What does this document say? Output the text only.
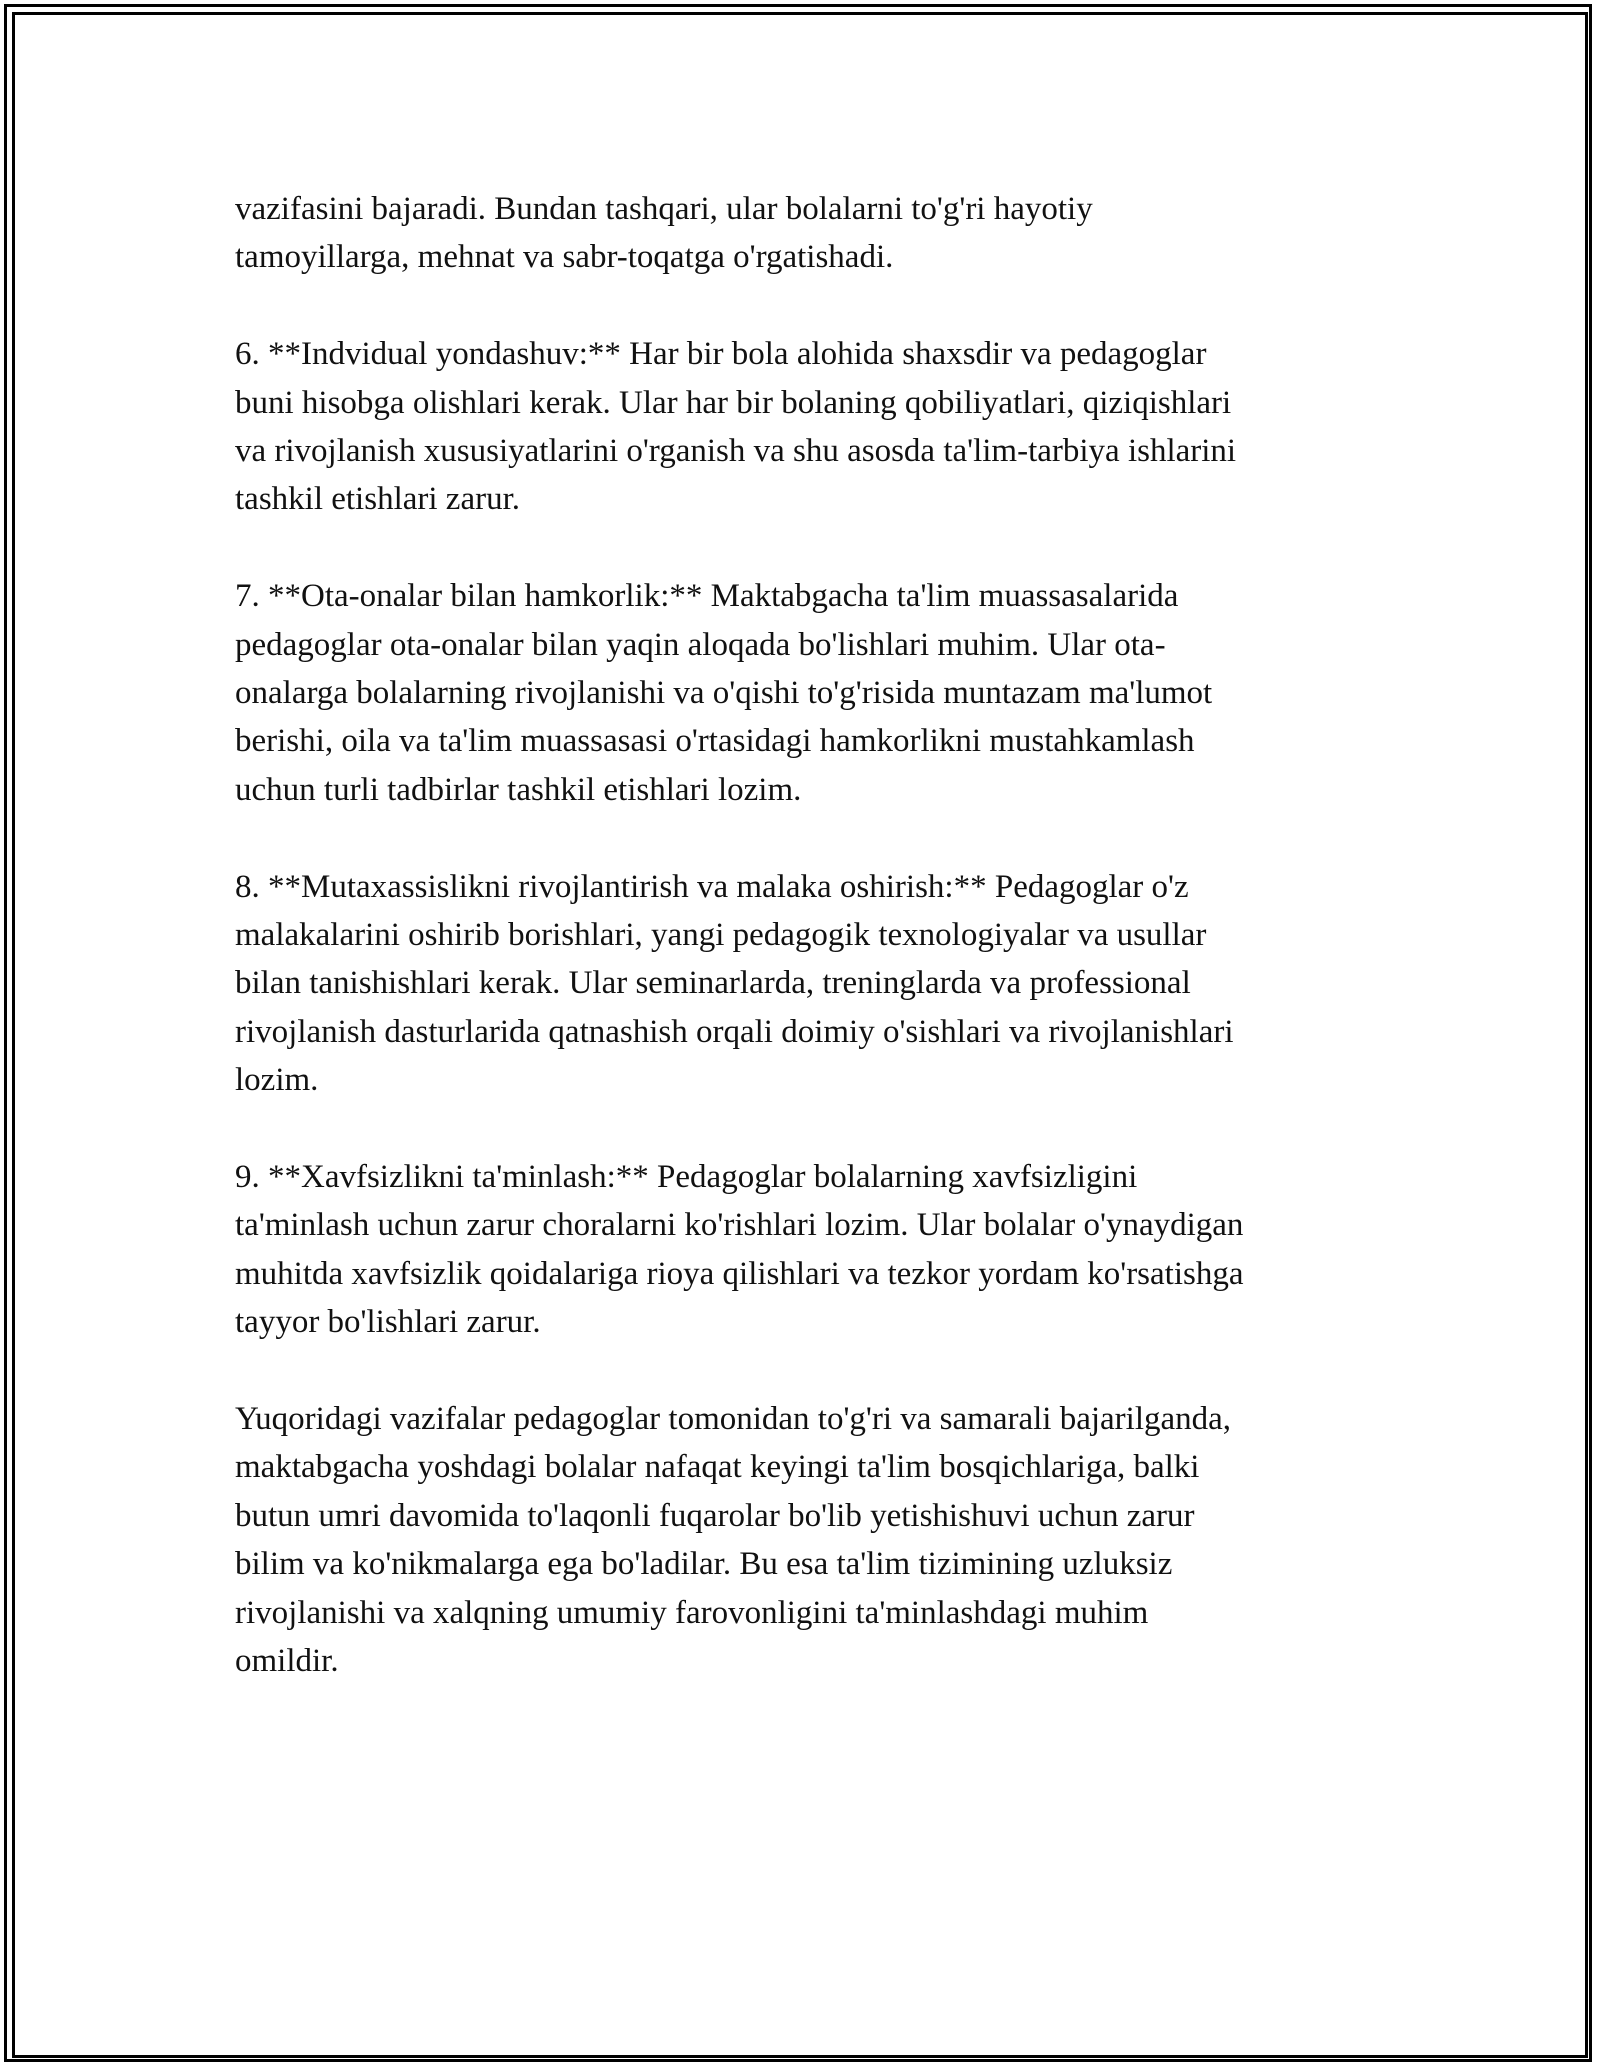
vazifasini bajaradi. Bundan tashqari, ular bolalarni to'g'ri hayotiy
tamoyillarga, mehnat va sabr-toqatga o'rgatishadi.
6. **Indvidual yondashuv:** Har bir bola alohida shaxsdir va pedagoglar
buni hisobga olishlari kerak. Ular har bir bolaning qobiliyatlari, qiziqishlari
va rivojlanish xususiyatlarini o'rganish va shu asosda ta'lim-tarbiya ishlarini
tashkil etishlari zarur.
7. **Ota-onalar bilan hamkorlik:** Maktabgacha ta'lim muassasalarida
pedagoglar ota-onalar bilan yaqin aloqada bo'lishlari muhim. Ular ota-
onalarga bolalarning rivojlanishi va o'qishi to'g'risida muntazam ma'lumot
berishi, oila va ta'lim muassasasi o'rtasidagi hamkorlikni mustahkamlash
uchun turli tadbirlar tashkil etishlari lozim.
8. **Mutaxassislikni rivojlantirish va malaka oshirish:** Pedagoglar o'z
malakalarini oshirib borishlari, yangi pedagogik texnologiyalar va usullar
bilan tanishishlari kerak. Ular seminarlarda, treninglarda va professional
rivojlanish dasturlarida qatnashish orqali doimiy o'sishlari va rivojlanishlari
lozim.
9. **Xavfsizlikni ta'minlash:** Pedagoglar bolalarning xavfsizligini
ta'minlash uchun zarur choralarni ko'rishlari lozim. Ular bolalar o'ynaydigan
muhitda xavfsizlik qoidalariga rioya qilishlari va tezkor yordam ko'rsatishga
tayyor bo'lishlari zarur.
Yuqoridagi vazifalar pedagoglar tomonidan to'g'ri va samarali bajarilganda,
maktabgacha yoshdagi bolalar nafaqat keyingi ta'lim bosqichlariga, balki
butun umri davomida to'laqonli fuqarolar bo'lib yetishishuvi uchun zarur
bilim va ko'nikmalarga ega bo'ladilar. Bu esa ta'lim tizimining uzluksiz
rivojlanishi va xalqning umumiy farovonligini ta'minlashdagi muhim
omildir.
